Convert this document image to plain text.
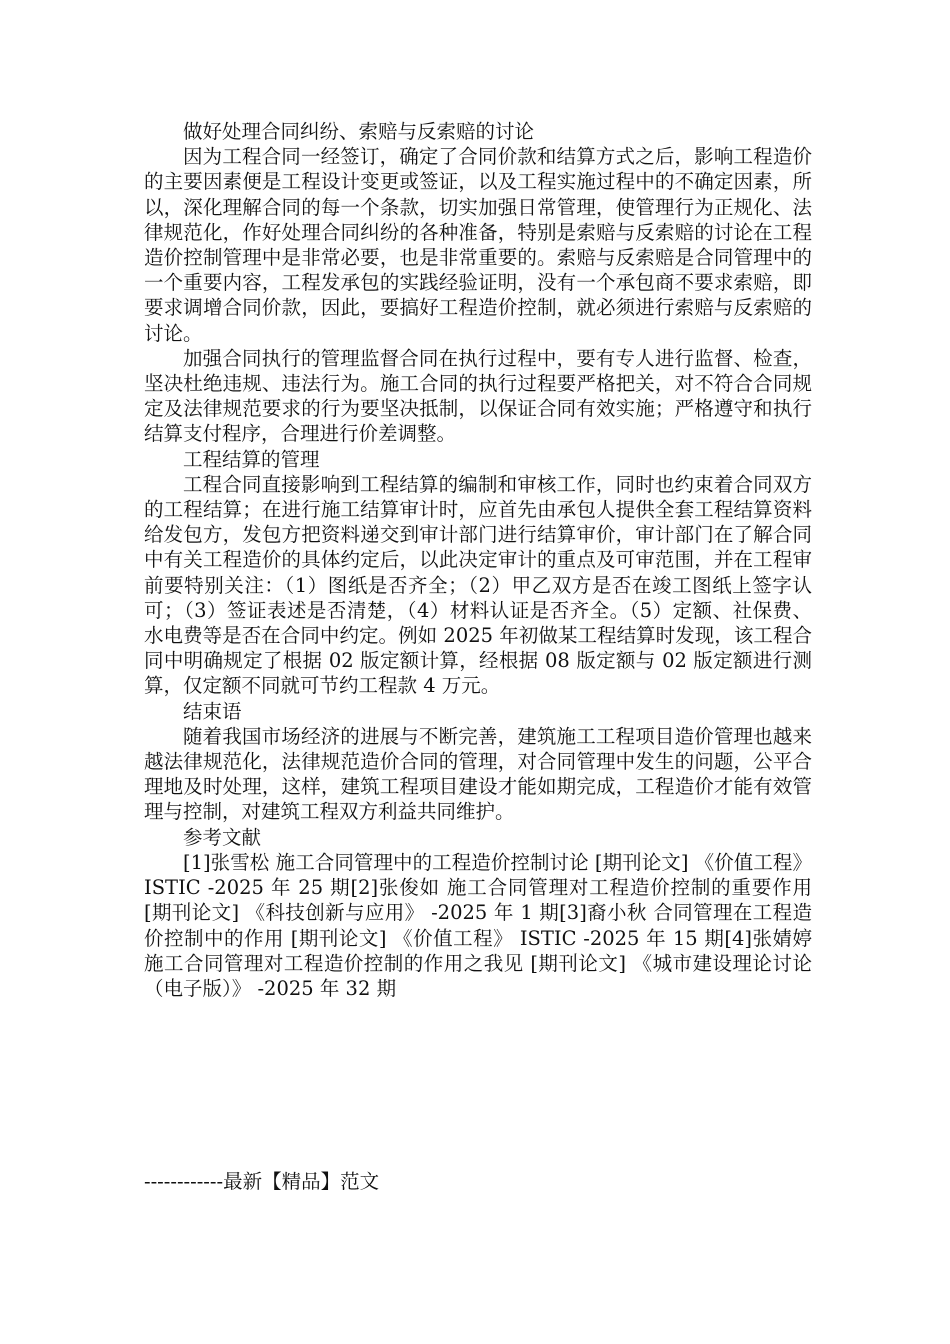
做好处理合同纠纷、索赔与反索赔的讨论

因为工程合同一经签订，确定了合同价款和结算方式之后，影响工程造价的主要因素便是工程设计变更或签证，以及工程实施过程中的不确定因素，所以，深化理解合同的每一个条款，切实加强日常管理，使管理行为正规化、法律规范化，作好处理合同纠纷的各种准备，特别是索赔与反索赔的讨论在工程造价控制管理中是非常必要，也是非常重要的。索赔与反索赔是合同管理中的一个重要内容，工程发承包的实践经验证明，没有一个承包商不要求索赔，即要求调增合同价款，因此，要搞好工程造价控制，就必须进行索赔与反索赔的讨论。

加强合同执行的管理监督合同在执行过程中，要有专人进行监督、检查，坚决杜绝违规、违法行为。施工合同的执行过程要严格把关，对不符合合同规定及法律规范要求的行为要坚决抵制，以保证合同有效实施；严格遵守和执行结算支付程序，合理进行价差调整。

工程结算的管理

工程合同直接影响到工程结算的编制和审核工作，同时也约束着合同双方的工程结算；在进行施工结算审计时，应首先由承包人提供全套工程结算资料给发包方，发包方把资料递交到审计部门进行结算审价，审计部门在了解合同中有关工程造价的具体约定后，以此决定审计的重点及可审范围，并在工程审前要特别关注：（1）图纸是否齐全；（2）甲乙双方是否在竣工图纸上签字认可；（3）签证表述是否清楚，（4）材料认证是否齐全。（5）定额、社保费、水电费等是否在合同中约定。例如 2025 年初做某工程结算时发现，该工程合同中明确规定了根据 02 版定额计算，经根据 08 版定额与 02 版定额进行测算，仅定额不同就可节约工程款 4 万元。

结束语

随着我国市场经济的进展与不断完善，建筑施工工程项目造价管理也越来越法律规范化，法律规范造价合同的管理，对合同管理中发生的问题，公平合理地及时处理，这样，建筑工程项目建设才能如期完成，工程造价才能有效管理与控制，对建筑工程双方利益共同维护。

参考文献

[1]张雪松 施工合同管理中的工程造价控制讨论 [期刊论文] 《价值工程》 ISTIC -2025 年 25 期[2]张俊如 施工合同管理对工程造价控制的重要作用 [期刊论文] 《科技创新与应用》 -2025 年 1 期[3]裔小秋 合同管理在工程造价控制中的作用 [期刊论文] 《价值工程》 ISTIC -2025 年 15 期[4]张婧婷 施工合同管理对工程造价控制的作用之我见 [期刊论文] 《城市建设理论讨论（电子版）》 -2025 年 32 期

------------最新【精品】范文
